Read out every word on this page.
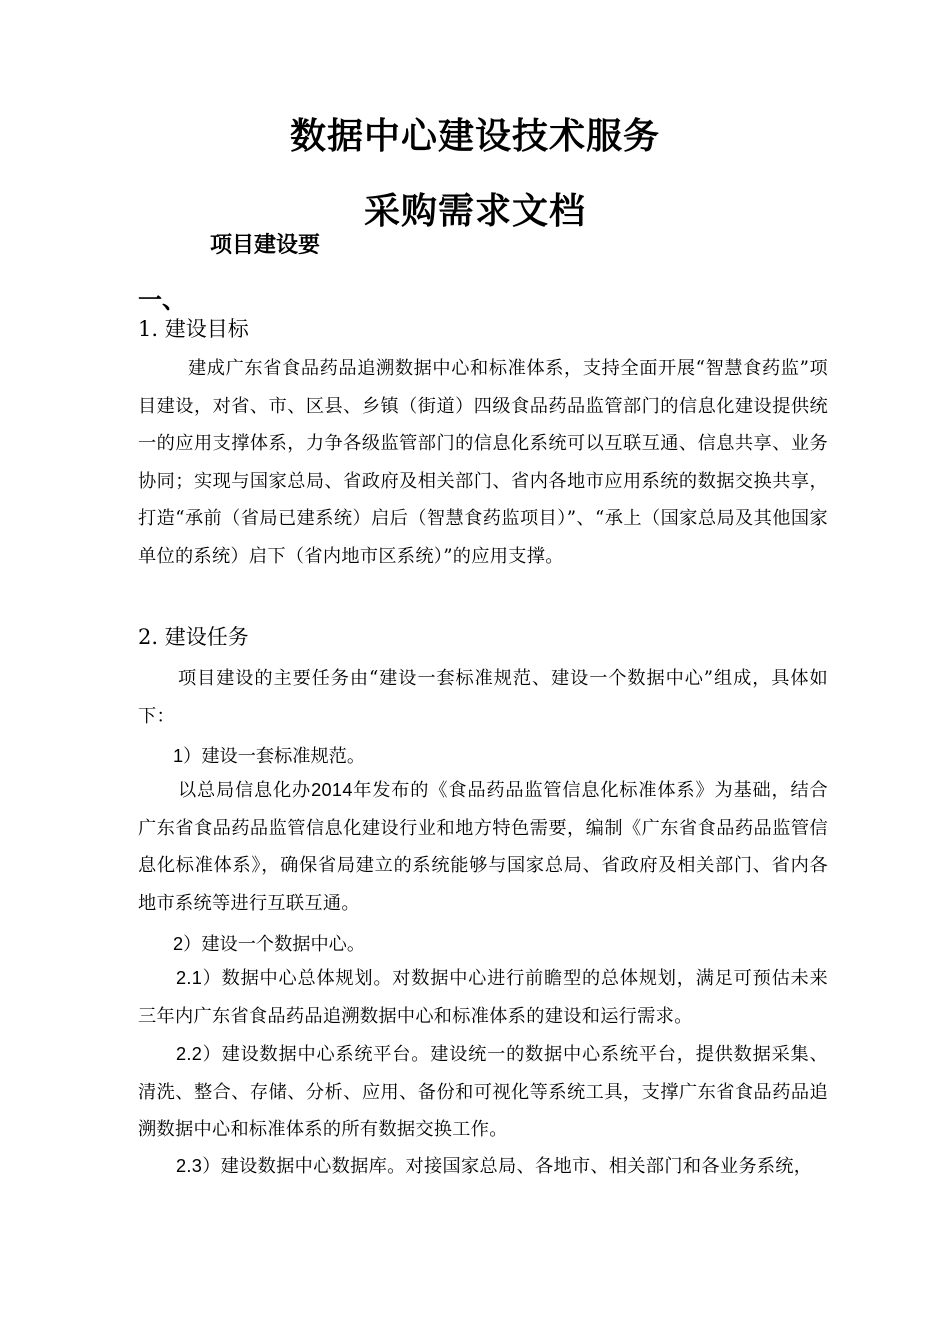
数据中心建设技术服务
采购需求文档
项目建设要
一、
1. 建设目标
建成广东省食品药品追溯数据中心和标准体系，支持全面开展“智慧食药监”项目建设，对省、市、区县、乡镇（街道）四级食品药品监管部门的信息化建设提供统一的应用支撑体系，力争各级监管部门的信息化系统可以互联互通、信息共享、业务协同；实现与国家总局、省政府及相关部门、省内各地市应用系统的数据交换共享，打造“承前（省局已建系统）启后（智慧食药监项目）”、“承上（国家总局及其他国家单位的系统）启下（省内地市区系统）”的应用支撑。
2. 建设任务
项目建设的主要任务由“建设一套标准规范、建设一个数据中心”组成，具体如下：
1）建设一套标准规范。
以总局信息化办2014年发布的《食品药品监管信息化标准体系》为基础，结合广东省食品药品监管信息化建设行业和地方特色需要，编制《广东省食品药品监管信息化标准体系》，确保省局建立的系统能够与国家总局、省政府及相关部门、省内各地市系统等进行互联互通。
2）建设一个数据中心。
2.1）数据中心总体规划。对数据中心进行前瞻型的总体规划，满足可预估未来三年内广东省食品药品追溯数据中心和标准体系的建设和运行需求。
2.2）建设数据中心系统平台。建设统一的数据中心系统平台，提供数据采集、清洗、整合、存储、分析、应用、备份和可视化等系统工具，支撑广东省食品药品追溯数据中心和标准体系的所有数据交换工作。
2.3）建设数据中心数据库。对接国家总局、各地市、相关部门和各业务系统，
